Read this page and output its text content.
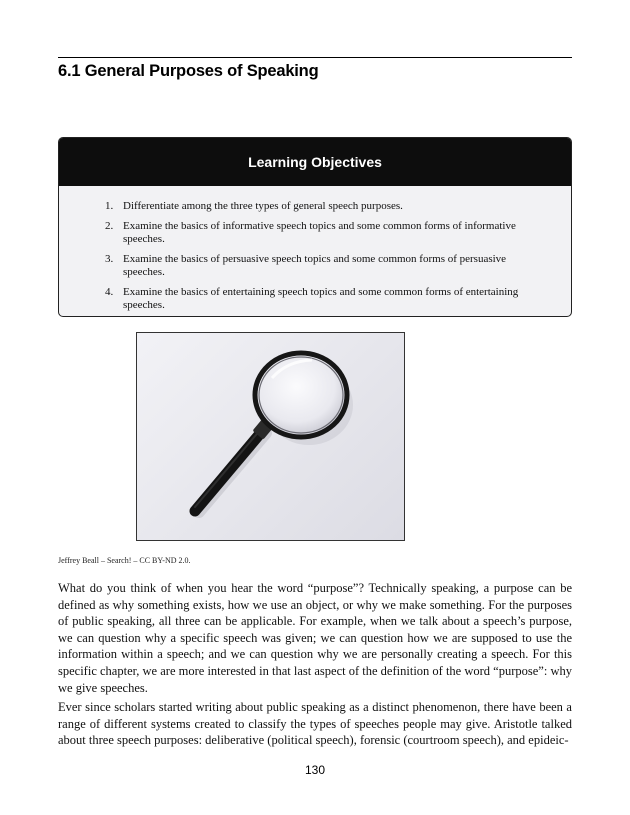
6.1 General Purposes of Speaking
Learning Objectives
1. Differentiate among the three types of general speech purposes.
2. Examine the basics of informative speech topics and some common forms of informative speeches.
3. Examine the basics of persuasive speech topics and some common forms of persuasive speeches.
4. Examine the basics of entertaining speech topics and some common forms of entertaining speeches.
Jeffrey Beall – Search! – CC BY-ND 2.0.

What do you think of when you hear the word “purpose”? Technically speaking, a purpose can be defined as why something exists, how we use an object, or why we make something. For the purposes of public speaking, all three can be applicable. For example, when we talk about a speech’s purpose, we can question why a specific speech was given; we can question how we are supposed to use the information within a speech; and we can question why we are personally creating a speech. For this specific chapter, we are more interested in that last aspect of the definition of the word “purpose”: why we give speeches.

Ever since scholars started writing about public speaking as a distinct phenomenon, there have been a range of different systems created to classify the types of speeches people may give. Aristotle talked about three speech purposes: deliberative (political speech), forensic (courtroom speech), and epideic-

130
